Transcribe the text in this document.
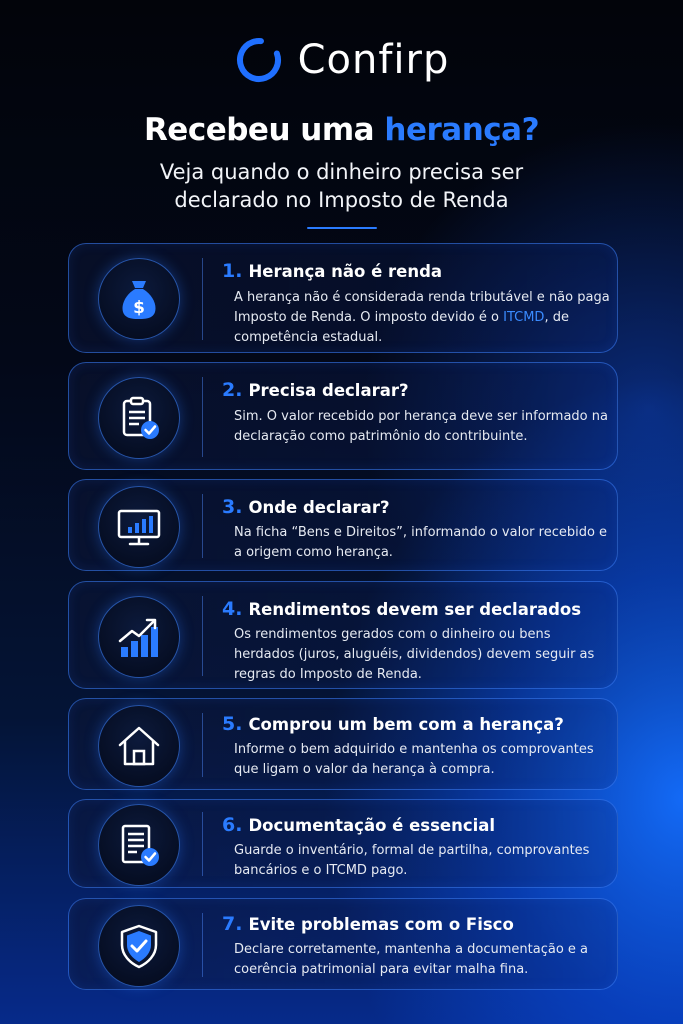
Confirp
Recebeu uma herança?
Veja quando o dinheiro precisa ser
declarado no Imposto de Renda
$
1. Herança não é renda
A herança não é considerada renda tributável e não paga Imposto de Renda. O imposto devido é o ITCMD, de competência estadual.
2. Precisa declarar?
Sim. O valor recebido por herança deve ser informado na declaração como patrimônio do contribuinte.
3. Onde declarar?
Na ficha “Bens e Direitos”, informando o valor recebido e a origem como herança.
4. Rendimentos devem ser declarados
Os rendimentos gerados com o dinheiro ou bens herdados (juros, aluguéis, dividendos) devem seguir as regras do Imposto de Renda.
5. Comprou um bem com a herança?
Informe o bem adquirido e mantenha os comprovantes que ligam o valor da herança à compra.
6. Documentação é essencial
Guarde o inventário, formal de partilha, comprovantes bancários e o ITCMD pago.
7. Evite problemas com o Fisco
Declare corretamente, mantenha a documentação e a coerência patrimonial para evitar malha fina.
